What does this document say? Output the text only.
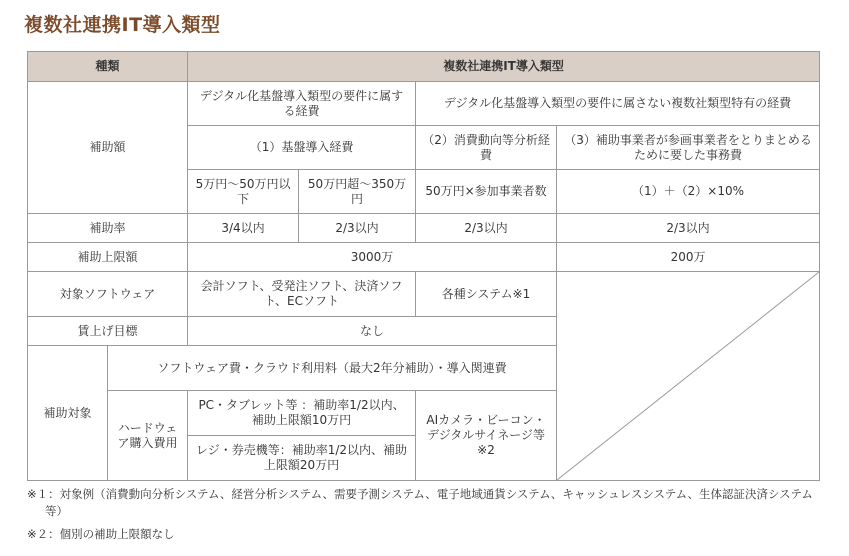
複数社連携IT導入類型
種類		複数社連携IT導入類型			
補助額		デジタル化基盤導入類型の要件に属する経費		デジタル化基盤導入類型の要件に属さない複数社類型特有の経費	
		（1）基盤導入経費		（2）消費動向等分析経費	（3）補助事業者が参画事業者をとりまとめるために要した事務費
		5万円～50万円以下	50万円超～350万円	50万円×参加事業者数	（1）＋（2）×10%
補助率		3/4以内	2/3以内	2/3以内	2/3以内
補助上限額		3000万			200万
対象ソフトウェア		会計ソフト、受発注ソフト、決済ソフト、ECソフト		各種システム※1	

賃上げ目標		なし			
補助対象	ソフトウェア費・クラウド利用料（最大2年分補助）・導入関連費				
	ハードウェア購入費用	PC・タブレット等 ：補助率1/2以内、補助上限額10万円		AIカメラ・ビーコン・デジタルサイネージ等※2	
		レジ・券売機等：補助率1/2以内、補助上限額20万円			

※１：対象例（消費動向分析システム、経営分析システム、需要予測システム、電子地域通貨システム、キャッシュレスシステム、生体認証決済システム等）

※２：個別の補助上限額なし
